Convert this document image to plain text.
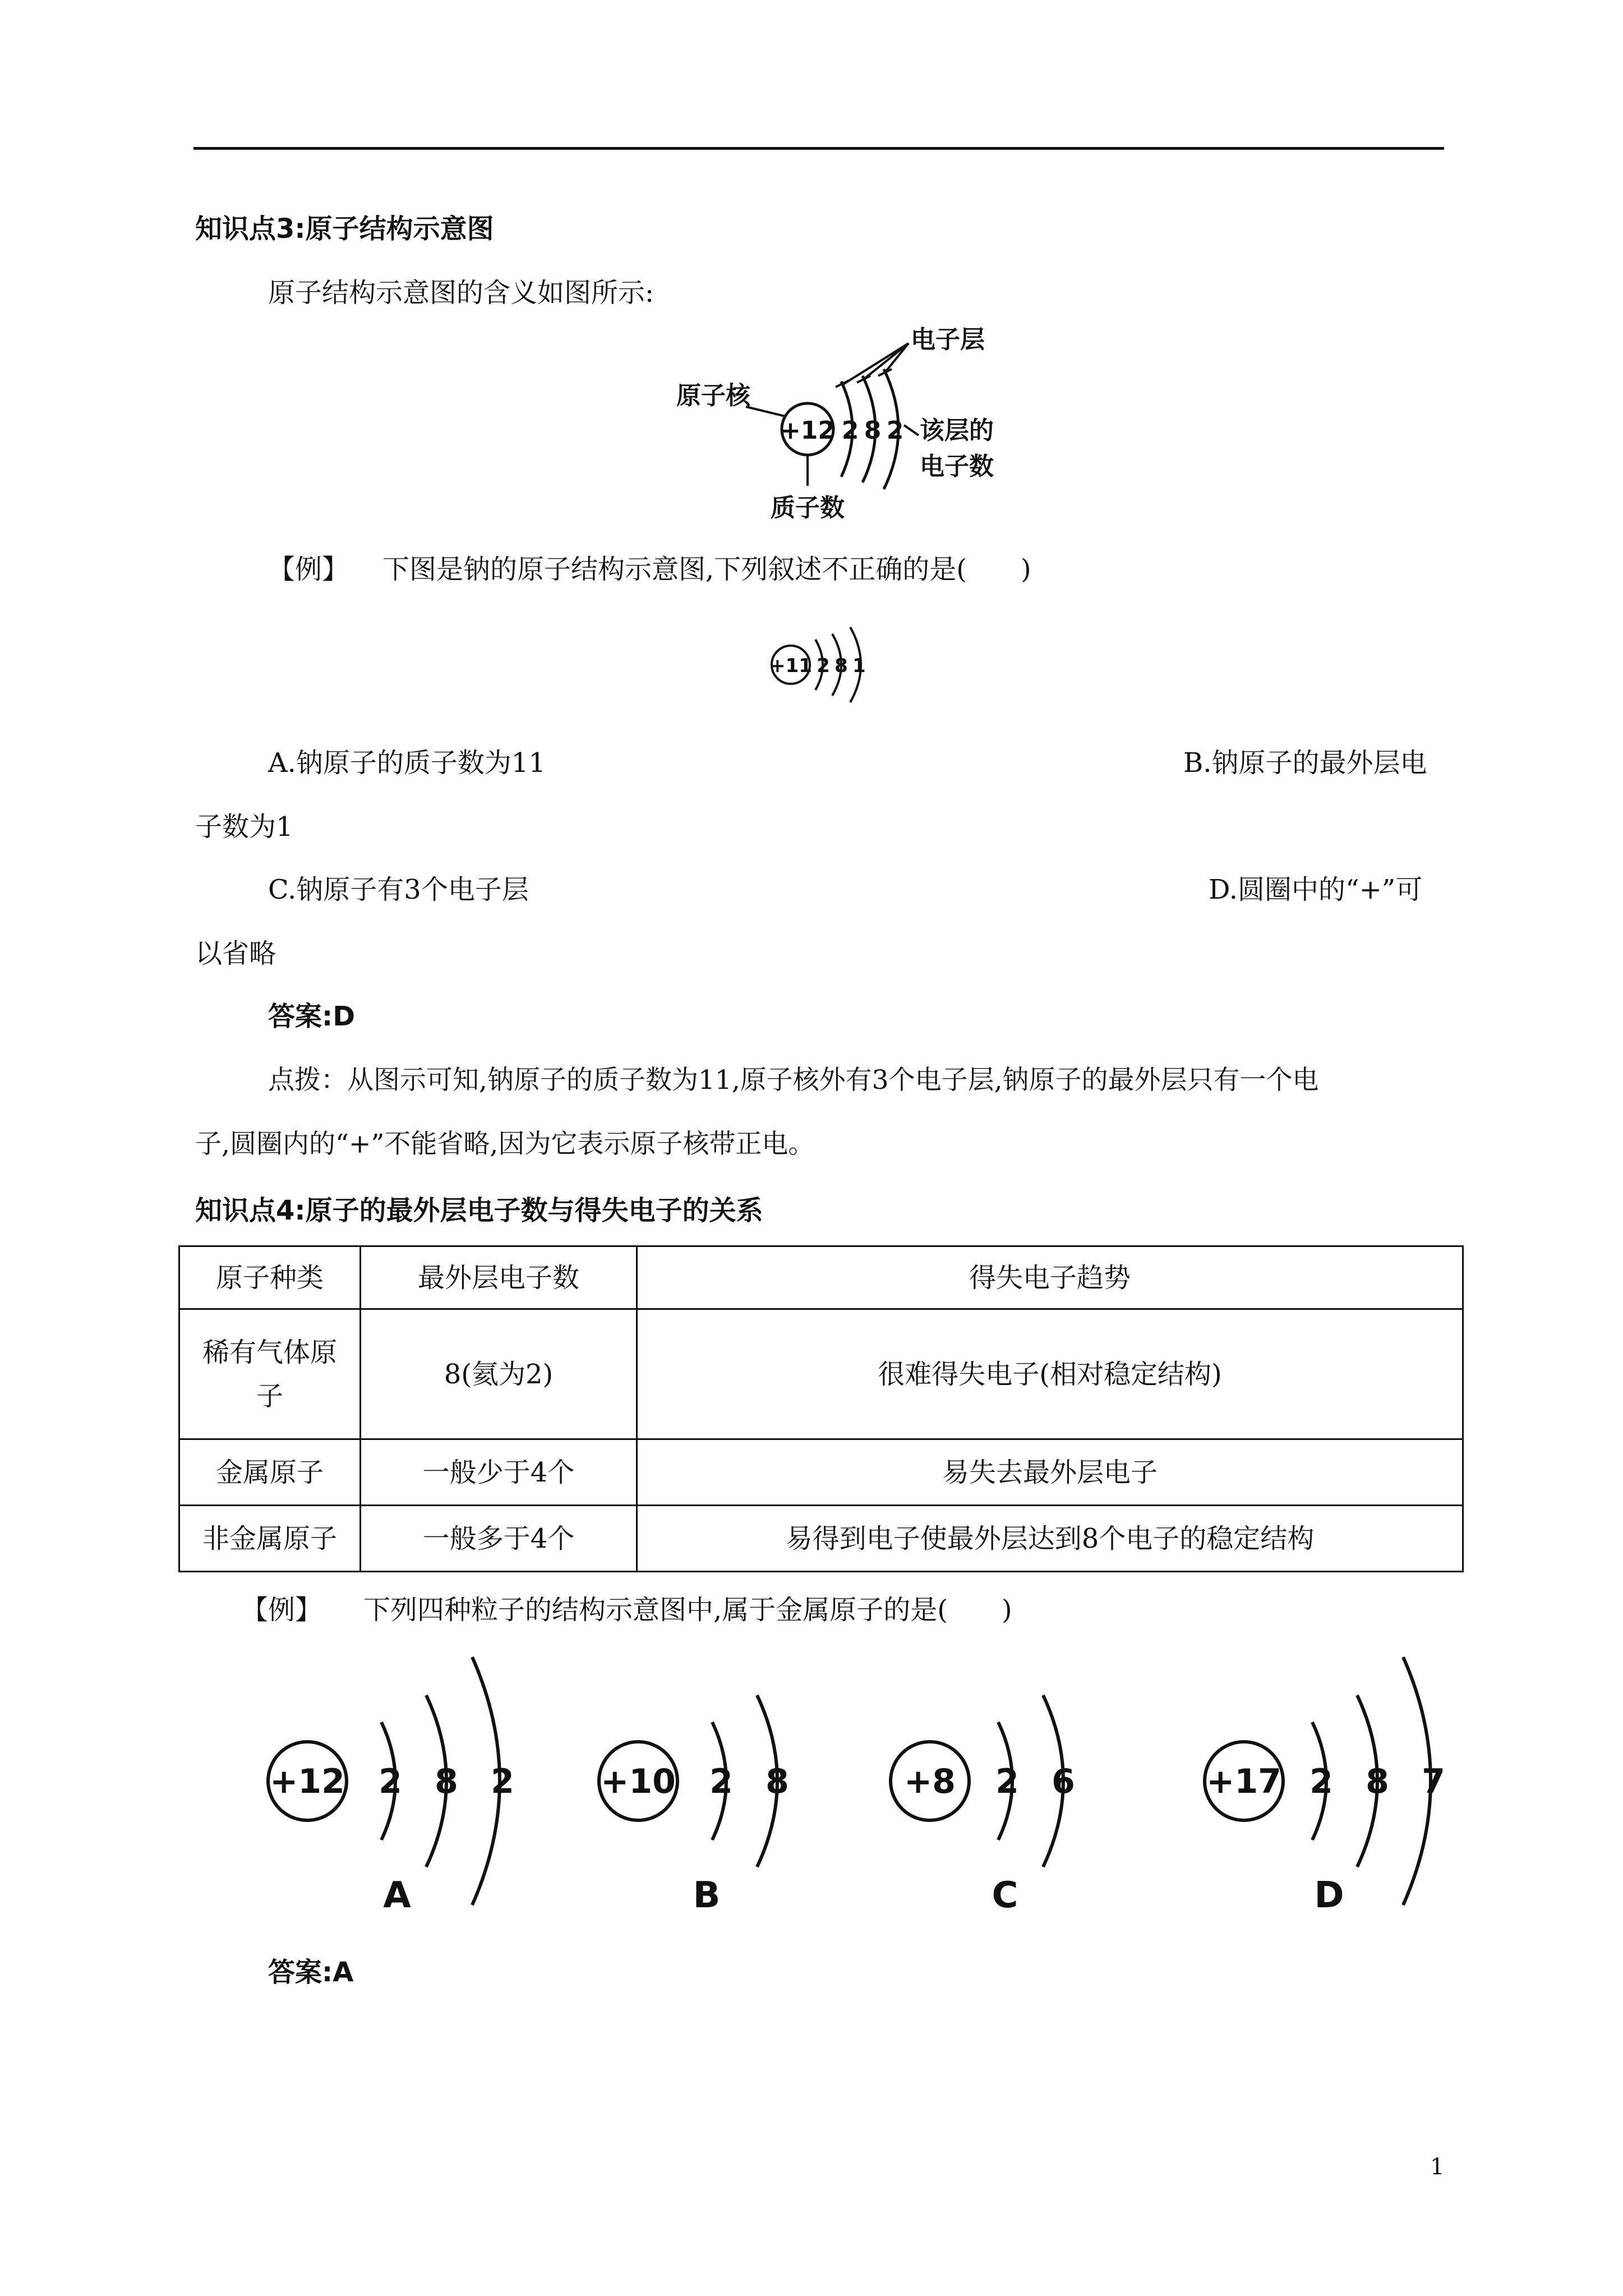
知识点3:原子结构示意图
原子结构示意图的含义如图所示:
+12 2 8 2
电子层
原子核
该层的
电子数
质子数
【例】 下图是钠的原子结构示意图,下列叙述不正确的是(　　)
+11 2 8 1
A.钠原子的质子数为11	B.钠原子的最外层电
子数为1
C.钠原子有3个电子层	D.圆圈中的“+”可
以省略
答案:D
点拨：从图示可知,钠原子的质子数为11,原子核外有3个电子层,钠原子的最外层只有一个电
子,圆圈内的“+”不能省略,因为它表示原子核带正电。
知识点4:原子的最外层电子数与得失电子的关系
原子种类	最外层电子数	得失电子趋势

稀有气体原
子	8(氦为2)	很难得失电子(相对稳定结构)
金属原子	一般少于4个	易失去最外层电子
非金属原子	一般多于4个	易得到电子使最外层达到8个电子的稳定结构
【例】 下列四种粒子的结构示意图中,属于金属原子的是(　　)
+12 2 8 2
A
+10 2 8
B
+8 2 6
C
+17 2 8 7
D
答案:A
1
